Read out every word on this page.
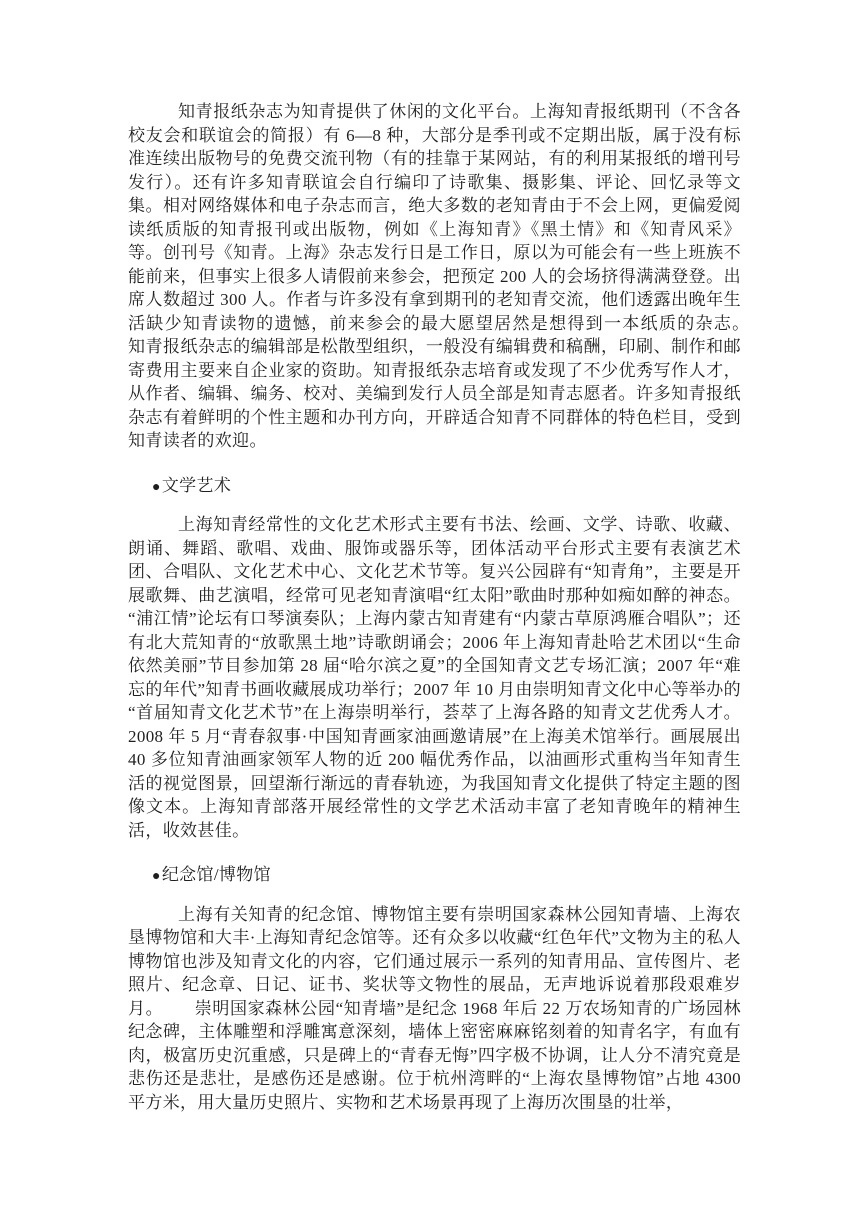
知青报纸杂志为知青提供了休闲的文化平台。上海知青报纸期刊（不含各校友会和联谊会的简报）有 6—8 种，大部分是季刊或不定期出版，属于没有标准连续出版物号的免费交流刊物（有的挂靠于某网站，有的利用某报纸的增刊号发行）。还有许多知青联谊会自行编印了诗歌集、摄影集、评论、回忆录等文集。相对网络媒体和电子杂志而言，绝大多数的老知青由于不会上网，更偏爱阅读纸质版的知青报刊或出版物，例如《上海知青》《黑土情》和《知青风采》等。创刊号《知青。上海》杂志发行日是工作日，原以为可能会有一些上班族不能前来，但事实上很多人请假前来参会，把预定 200 人的会场挤得满满登登。出席人数超过 300 人。作者与许多没有拿到期刊的老知青交流，他们透露出晚年生活缺少知青读物的遗憾，前来参会的最大愿望居然是想得到一本纸质的杂志。　　　知青报纸杂志的编辑部是松散型组织，一般没有编辑费和稿酬，印刷、制作和邮寄费用主要来自企业家的资助。知青报纸杂志培育或发现了不少优秀写作人才，从作者、编辑、编务、校对、美编到发行人员全部是知青志愿者。许多知青报纸杂志有着鲜明的个性主题和办刊方向，开辟适合知青不同群体的特色栏目，受到知青读者的欢迎。

●文学艺术

上海知青经常性的文化艺术形式主要有书法、绘画、文学、诗歌、收藏、朗诵、舞蹈、歌唱、戏曲、服饰或器乐等，团体活动平台形式主要有表演艺术团、合唱队、文化艺术中心、文化艺术节等。复兴公园辟有“知青角”，主要是开展歌舞、曲艺演唱，经常可见老知青演唱“红太阳”歌曲时那种如痴如醉的神态。“浦江情”论坛有口琴演奏队；上海内蒙古知青建有“内蒙古草原鸿雁合唱队”；还有北大荒知青的“放歌黑土地”诗歌朗诵会；2006 年上海知青赴哈艺术团以“生命依然美丽”节目参加第 28 届“哈尔滨之夏”的全国知青文艺专场汇演；2007 年“难忘的年代”知青书画收藏展成功举行；2007 年 10 月由崇明知青文化中心等举办的“首届知青文化艺术节”在上海崇明举行，荟萃了上海各路的知青文艺优秀人才。2008 年 5 月“青春叙事·中国知青画家油画邀请展”在上海美术馆举行。画展展出 40 多位知青油画家领军人物的近 200 幅优秀作品，以油画形式重构当年知青生活的视觉图景，回望渐行渐远的青春轨迹，为我国知青文化提供了特定主题的图像文本。上海知青部落开展经常性的文学艺术活动丰富了老知青晚年的精神生活，收效甚佳。

●纪念馆/博物馆

上海有关知青的纪念馆、博物馆主要有崇明国家森林公园知青墙、上海农垦博物馆和大丰·上海知青纪念馆等。还有众多以收藏“红色年代”文物为主的私人博物馆也涉及知青文化的内容，它们通过展示一系列的知青用品、宣传图片、老照片、纪念章、日记、证书、奖状等文物性的展品，无声地诉说着那段艰难岁月。　　 崇明国家森林公园“知青墙”是纪念 1968 年后 22 万农场知青的广场园林纪念碑，主体雕塑和浮雕寓意深刻，墙体上密密麻麻铭刻着的知青名字，有血有肉，极富历史沉重感，只是碑上的“青春无悔”四字极不协调，让人分不清究竟是悲伤还是悲壮，是感伤还是感谢。位于杭州湾畔的“上海农垦博物馆”占地 4300 平方米，用大量历史照片、实物和艺术场景再现了上海历次围垦的壮举，
